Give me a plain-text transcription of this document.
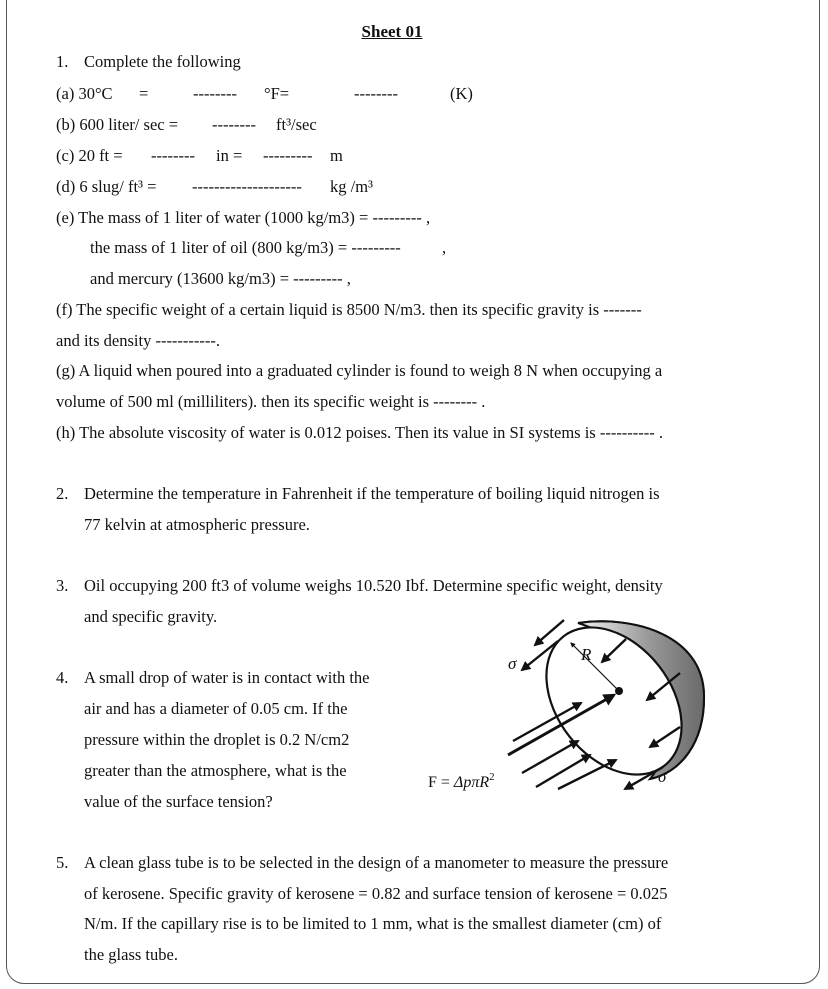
Sheet 01
1. Complete the following
(a) 30°C =	-------- °F=	--------	(K)
(b) 600 liter/ sec = -------- ft³/sec
(c) 20 ft = -------- in = --------- m
(d) 6 slug/ ft³ = -------------------- kg /m³
(e) The mass of 1 liter of water (1000 kg/m3) = --------- ,
the mass of 1 liter of oil (800 kg/m3) = --------- ,
and mercury (13600 kg/m3) = --------- ,
(f) The specific weight of a certain liquid is 8500 N/m3. then its specific gravity is -------
and its density -----------.
(g) A liquid when poured into a graduated cylinder is found to weigh 8 N when occupying a
volume of 500 ml (milliliters). then its specific weight is -------- .
(h) The absolute viscosity of water is 0.012 poises. Then its value in SI systems is ---------- .
2. Determine the temperature in Fahrenheit if the temperature of boiling liquid nitrogen is
77 kelvin at atmospheric pressure.
3. Oil occupying 200 ft3 of volume weighs 10.520 Ibf. Determine specific weight, density
and specific gravity.
4. A small drop of water is in contact with the
air and has a diameter of 0.05 cm. If the
pressure within the droplet is 0.2 N/cm2
greater than the atmosphere, what is the
value of the surface tension?
σ	R
σ
F = ΔpπR$^2$
5. A clean glass tube is to be selected in the design of a manometer to measure the pressure
of kerosene. Specific gravity of kerosene = 0.82 and surface tension of kerosene = 0.025
N/m. If the capillary rise is to be limited to 1 mm, what is the smallest diameter (cm) of
the glass tube.
